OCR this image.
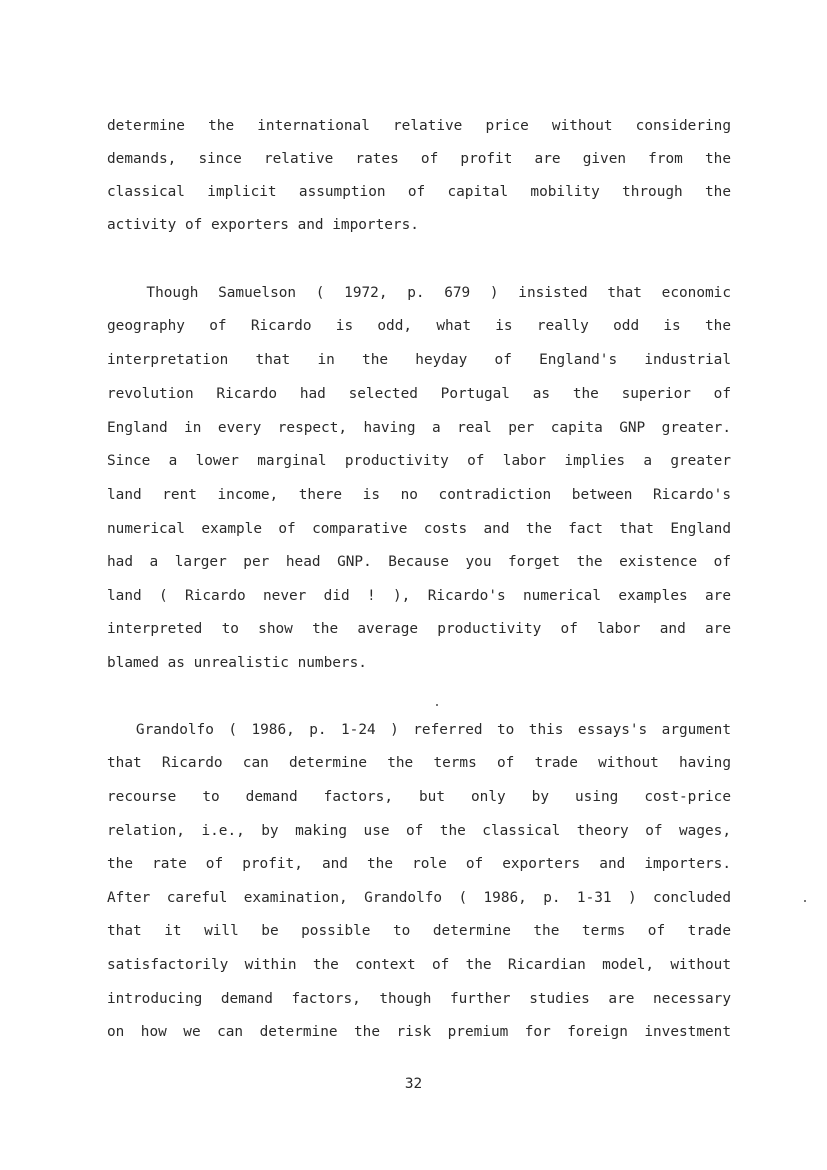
determine the international relative price without considering
demands, since relative rates of profit are given from the
classical implicit assumption of capital mobility through the
activity of exporters and importers.
Though Samuelson ( 1972, p. 679 ) insisted that economic
geography of Ricardo is odd, what is really odd is the
interpretation that in the heyday of England's industrial
revolution Ricardo had selected Portugal as the superior of
England in every respect, having a real per capita GNP greater.
Since a lower marginal productivity of labor implies a greater
land rent income, there is no contradiction between Ricardo's
numerical example of comparative costs and the fact that England
had a larger per head GNP. Because you forget the existence of
land ( Ricardo never did ! ), Ricardo's numerical examples are
interpreted to show the average productivity of labor and are
blamed as unrealistic numbers.
Grandolfo ( 1986, p. 1-24 ) referred to this essays's argument
that Ricardo can determine the terms of trade without having
recourse to demand factors, but only by using cost-price
relation, i.e., by making use of the classical theory of wages,
the rate of profit, and the role of exporters and importers.
After careful examination, Grandolfo ( 1986, p. 1-31 ) concluded
that it will be possible to determine the terms of trade
satisfactorily within the context of the Ricardian model, without
introducing demand factors, though further studies are necessary
on how we can determine the risk premium for foreign investment
32
